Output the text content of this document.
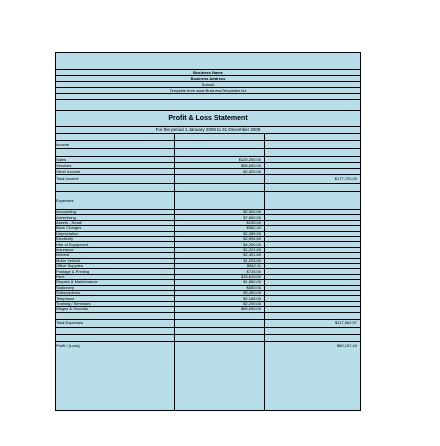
Business Name
Business Address
Suburb
Template from www.BusinessTemplates.biz
Profit & Loss Statement
For the period 1 January 2009 to 31 December 2009
Income
Sales	$120,200.00
Services	$55,000.00
Other Income	$2,520.00
Total Income	$177,720.00
Expenses
Accounting	$2,500.00
Advertising	$7,500.00
Assets - Small	$100.00
Bank Charges	$962.40
Depreciation	$2,385.00
Electricity	$2,994.50
Hire of Equipment	$4,200.00
Insurance	$1,221.00
Interest	$2,401.65
Motor Vehicle	$1,203.50
Office Supplies	$962.11
Postage & Printing	$725.00
Rent	$15,610.00
Repairs & Maintenance	$1,882.00
Stationery	$600.00
Subscriptions	$3,450.00
Telephone	$2,165.00
Training / Seminars	$2,200.00
Wages & Oncosts	$65,000.00
Total Expenses	$117,562.57
Profit / (Loss)	$60,157.43
